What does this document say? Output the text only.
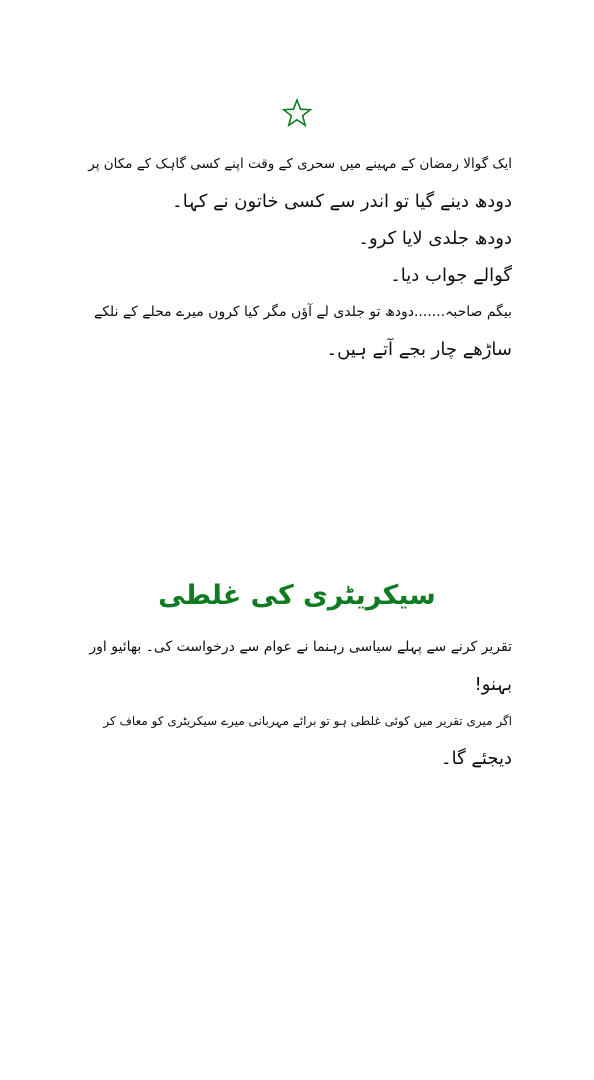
ایک گوالا رمضان کے مہینے میں سحری کے وقت اپنے کسی گاہک کے مکان پر

دودھ دینے گیا تو اندر سے کسی خاتون نے کہا۔

دودھ جلدی لایا کرو۔

گوالے جواب دیا۔

بیگم صاحبہ.......دودھ تو جلدی لے آؤں مگر کیا کروں میرے محلے کے نلکے

ساڑھے چار بجے آتے ہیں۔

سیکریٹری کی غلطی

تقریر کرنے سے پہلے سیاسی رہنما نے عوام سے درخواست کی۔ بھائیو اور

بہنو!

اگر میری تقریر میں کوئی غلطی ہو تو برائے مہربانی میرے سیکریٹری کو معاف کر

دیجئے گا۔
